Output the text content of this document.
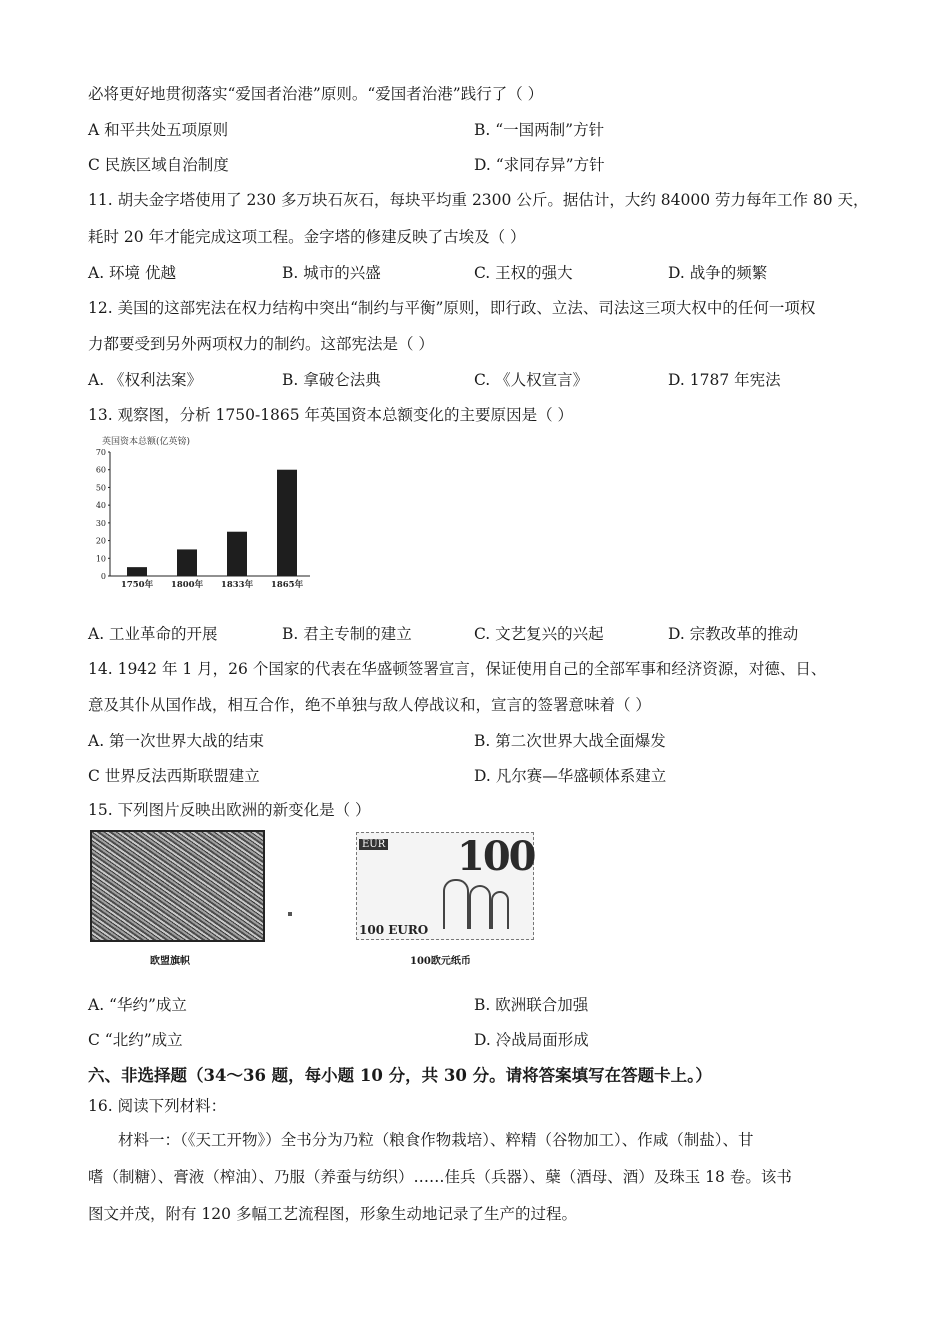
必将更好地贯彻落实“爱国者治港”原则。“爱国者治港”践行了（ ）
A 和平共处五项原则	B. “一国两制”方针
C 民族区域自治制度	D. “求同存异”方针
11. 胡夫金字塔使用了 230 多万块石灰石，每块平均重 2300 公斤。据估计，大约 84000 劳力每年工作 80 天，
耗时 20 年才能完成这项工程。金字塔的修建反映了古埃及（ ）
A. 环境 优越	B. 城市的兴盛	C. 王权的强大	D. 战争的频繁
12. 美国的这部宪法在权力结构中突出“制约与平衡”原则，即行政、立法、司法这三项大权中的任何一项权
力都要受到另外两项权力的制约。这部宪法是（ ）
A. 《权利法案》	B. 拿破仑法典	C. 《人权宣言》	D. 1787 年宪法
13. 观察图，分析 1750-1865 年英国资本总额变化的主要原因是（ ）
英国资本总额(亿英镑)
0
10
20
30
40
50
60
70
1750年 1800年 1833年 1865年
A. 工业革命的开展	B. 君主专制的建立	C. 文艺复兴的兴起	D. 宗教改革的推动
14. 1942 年 1 月，26 个国家的代表在华盛顿签署宣言，保证使用自己的全部军事和经济资源，对德、日、
意及其仆从国作战，相互合作，绝不单独与敌人停战议和，宣言的签署意味着（ ）
A. 第一次世界大战的结束	B. 第二次世界大战全面爆发
C 世界反法西斯联盟建立	D. 凡尔赛—华盛顿体系建立
15. 下列图片反映出欧洲的新变化是（ ）
欧盟旗帜
EUR 100
100 EURO
100欧元纸币
A. “华约”成立	B. 欧洲联合加强
C “北约”成立	D. 冷战局面形成
六、非选择题（34～36 题，每小题 10 分，共 30 分。请将答案填写在答题卡上。）
16. 阅读下列材料：
材料一：（《天工开物》）全书分为乃粒（粮食作物栽培）、粹精（谷物加工）、作咸（制盐）、甘
嗜（制糖）、膏液（榨油）、乃服（养蚕与纺织）……佳兵（兵器）、蘖（酒母、酒）及珠玉 18 卷。该书
图文并茂，附有 120 多幅工艺流程图，形象生动地记录了生产的过程。
